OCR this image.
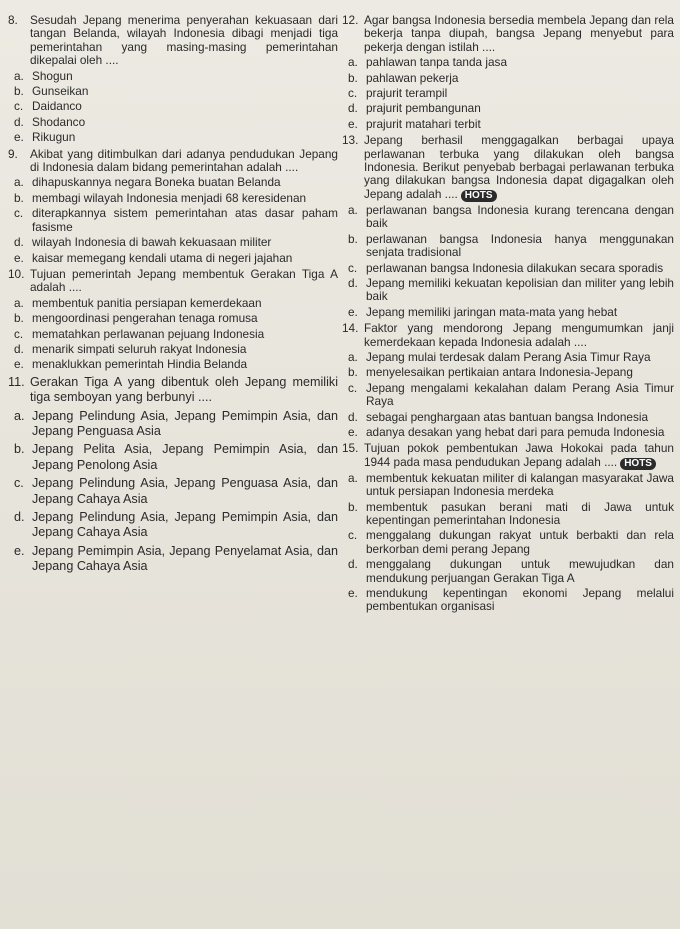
8.	Sesudah Jepang menerima penyerahan kekuasaan dari tangan Belanda, wilayah Indonesia dibagi menjadi tiga pemerintahan yang masing-masing pemerintahan dikepalai oleh ....
a. Shogun
b. Gunseikan
c. Daidanco
d. Shodanco
e. Rikugun
9.	Akibat yang ditimbulkan dari adanya pendudukan Jepang di Indonesia dalam bidang pemerintahan adalah ....
a. dihapuskannya negara Boneka buatan Belanda
b. membagi wilayah Indonesia menjadi 68 keresidenan
c. diterapkannya sistem pemerintahan atas dasar paham fasisme
d. wilayah Indonesia di bawah kekuasaan militer
e. kaisar memegang kendali utama di negeri jajahan
10. Tujuan pemerintah Jepang membentuk Gerakan Tiga A adalah ....
a. membentuk panitia persiapan kemerdekaan
b. mengoordinasi pengerahan tenaga romusa
c. mematahkan perlawanan pejuang Indonesia
d. menarik simpati seluruh rakyat Indonesia
e. menaklukkan pemerintah Hindia Belanda
11. Gerakan Tiga A yang dibentuk oleh Jepang memiliki tiga semboyan yang berbunyi ....
a. Jepang Pelindung Asia, Jepang Pemimpin Asia, dan Jepang Penguasa Asia
b. Jepang Pelita Asia, Jepang Pemimpin Asia, dan Jepang Penolong Asia
c. Jepang Pelindung Asia, Jepang Penguasa Asia, dan Jepang Cahaya Asia
d. Jepang Pelindung Asia, Jepang Pemimpin Asia, dan Jepang Cahaya Asia
e. Jepang Pemimpin Asia, Jepang Penyelamat Asia, dan Jepang Cahaya Asia
12. Agar bangsa Indonesia bersedia membela Jepang dan rela bekerja tanpa diupah, bangsa Jepang menyebut para pekerja dengan istilah ....
a. pahlawan tanpa tanda jasa
b. pahlawan pekerja
c. prajurit terampil
d. prajurit pembangunan
e. prajurit matahari terbit
13. Jepang berhasil menggagalkan berbagai upaya perlawanan terbuka yang dilakukan oleh bangsa Indonesia. Berikut penyebab berbagai perlawanan terbuka yang dilakukan bangsa Indonesia dapat digagalkan oleh Jepang adalah .... HOTS
a. perlawanan bangsa Indonesia kurang terencana dengan baik
b. perlawanan bangsa Indonesia hanya menggunakan senjata tradisional
c. perlawanan bangsa Indonesia dilakukan secara sporadis
d. Jepang memiliki kekuatan kepolisian dan militer yang lebih baik
e. Jepang memiliki jaringan mata-mata yang hebat
14. Faktor yang mendorong Jepang mengumumkan janji kemerdekaan kepada Indonesia adalah ....
a. Jepang mulai terdesak dalam Perang Asia Timur Raya
b. menyelesaikan pertikaian antara Indonesia-Jepang
c. Jepang mengalami kekalahan dalam Perang Asia Timur Raya
d. sebagai penghargaan atas bantuan bangsa Indonesia
e. adanya desakan yang hebat dari para pemuda Indonesia
15. Tujuan pokok pembentukan Jawa Hokokai pada tahun 1944 pada masa pendudukan Jepang adalah .... HOTS
a. membentuk kekuatan militer di kalangan masyarakat Jawa untuk persiapan Indonesia merdeka
b. membentuk pasukan berani mati di Jawa untuk kepentingan pemerintahan Indonesia
c. menggalang dukungan rakyat untuk berbakti dan rela berkorban demi perang Jepang
d. menggalang dukungan untuk mewujudkan dan mendukung perjuangan Gerakan Tiga A
e. mendukung kepentingan ekonomi Jepang melalui pembentukan organisasi
